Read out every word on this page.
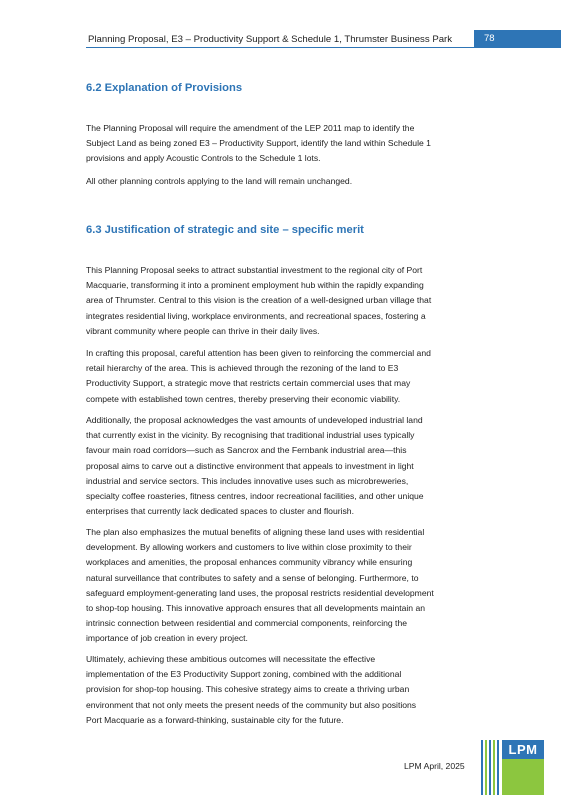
Planning Proposal, E3 – Productivity Support & Schedule 1, Thrumster Business Park	78
6.2 Explanation of Provisions
The Planning Proposal will require the amendment of the LEP 2011 map to identify the
Subject Land as being zoned E3 – Productivity Support, identify the land within Schedule 1
provisions and apply Acoustic Controls to the Schedule 1 lots.
All other planning controls applying to the land will remain unchanged.
6.3 Justification of strategic and site – specific merit
This Planning Proposal seeks to attract substantial investment to the regional city of Port
Macquarie, transforming it into a prominent employment hub within the rapidly expanding
area of Thrumster. Central to this vision is the creation of a well-designed urban village that
integrates residential living, workplace environments, and recreational spaces, fostering a
vibrant community where people can thrive in their daily lives.
In crafting this proposal, careful attention has been given to reinforcing the commercial and
retail hierarchy of the area. This is achieved through the rezoning of the land to E3
Productivity Support, a strategic move that restricts certain commercial uses that may
compete with established town centres, thereby preserving their economic viability.
Additionally, the proposal acknowledges the vast amounts of undeveloped industrial land
that currently exist in the vicinity. By recognising that traditional industrial uses typically
favour main road corridors—such as Sancrox and the Fernbank industrial area—this
proposal aims to carve out a distinctive environment that appeals to investment in light
industrial and service sectors. This includes innovative uses such as microbreweries,
specialty coffee roasteries, fitness centres, indoor recreational facilities, and other unique
enterprises that currently lack dedicated spaces to cluster and flourish.
The plan also emphasizes the mutual benefits of aligning these land uses with residential
development. By allowing workers and customers to live within close proximity to their
workplaces and amenities, the proposal enhances community vibrancy while ensuring
natural surveillance that contributes to safety and a sense of belonging. Furthermore, to
safeguard employment-generating land uses, the proposal restricts residential development
to shop-top housing. This innovative approach ensures that all developments maintain an
intrinsic connection between residential and commercial components, reinforcing the
importance of job creation in every project.
Ultimately, achieving these ambitious outcomes will necessitate the effective
implementation of the E3 Productivity Support zoning, combined with the additional
provision for shop-top housing. This cohesive strategy aims to create a thriving urban
environment that not only meets the present needs of the community but also positions
Port Macquarie as a forward-thinking, sustainable city for the future.
LPM April, 2025
LPM
